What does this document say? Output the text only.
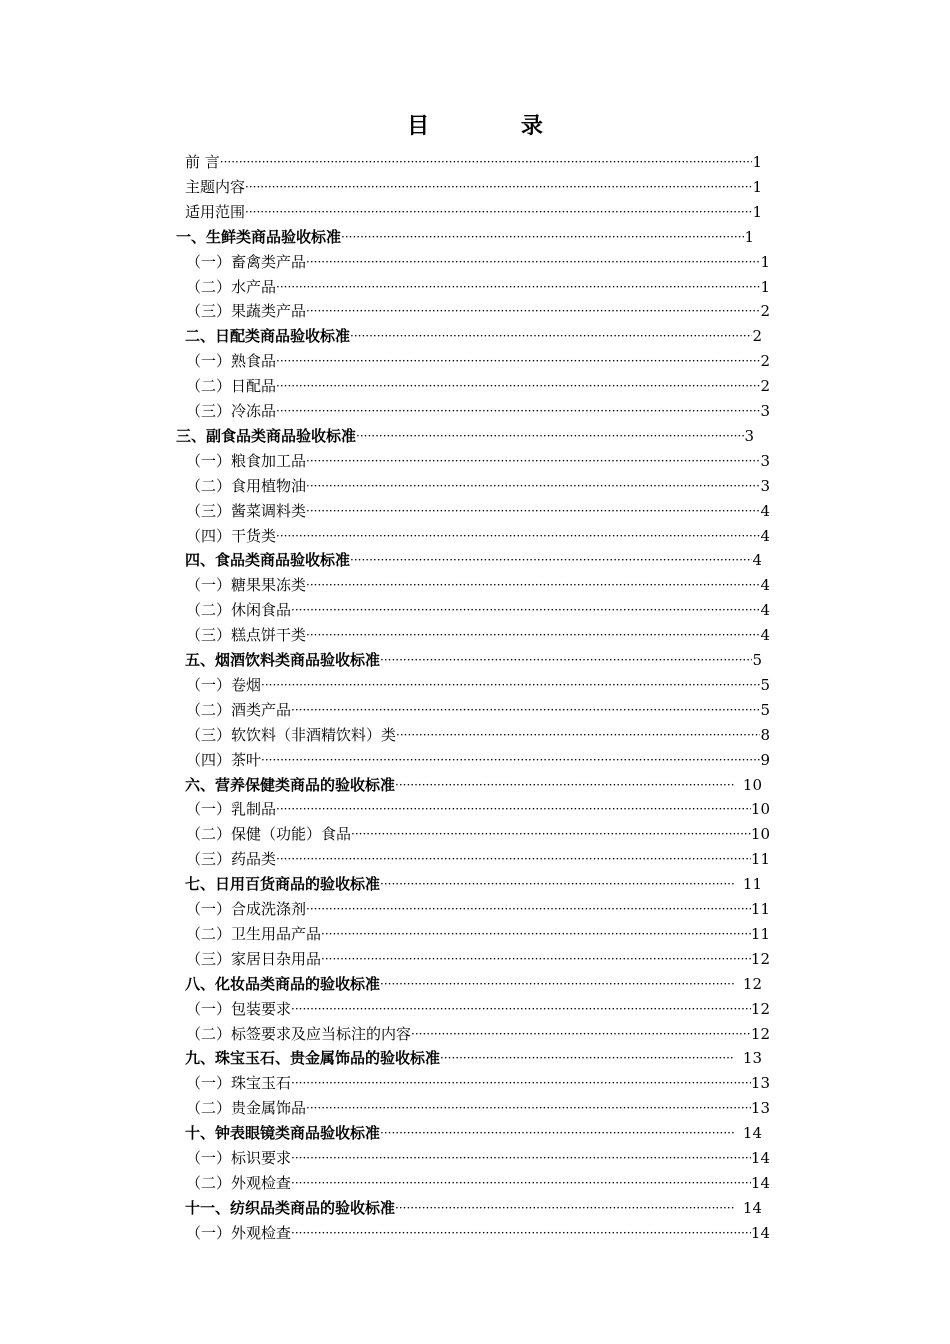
目 录
前 言 ·····	1
主题内容 ·····	1
适用范围 ·····	1
一、生鲜类商品验收标准 ·····	1
（一）畜禽类产品 ·····	1
（二）水产品 ·····	1
（三）果蔬类产品 ·····	2
二、日配类商品验收标准 ·····	2
（一）熟食品 ·····	2
（二）日配品 ·····	2
（三）冷冻品 ·····	3
三、副食品类商品验收标准 ·····	3
（一）粮食加工品 ·····	3
（二）食用植物油 ·····	3
（三）酱菜调料类 ·····	4
（四）干货类 ·····	4
四、食品类商品验收标准 ·····	4
（一）糖果果冻类 ·····	4
（二）休闲食品 ·····	4
（三）糕点饼干类 ·····	4
五、烟酒饮料类商品验收标准 ·····	5
（一）卷烟 ·····	5
（二）酒类产品 ·····	5
（三）软饮料（非酒精饮料）类 ·····	8
（四）茶叶 ·····	9
六、营养保健类商品的验收标准 ·····	10
（一）乳制品 ·····	10
（二）保健（功能）食品 ·····	10
（三）药品类 ·····	11
七、日用百货商品的验收标准 ·····	11
（一）合成洗涤剂 ·····	11
（二）卫生用品产品 ·····	11
（三）家居日杂用品 ·····	12
八、化妆品类商品的验收标准 ·····	12
（一）包装要求 ·····	12
（二）标签要求及应当标注的内容 ·····	12
九、珠宝玉石、贵金属饰品的验收标准 ·····	13
（一）珠宝玉石 ·····	13
（二）贵金属饰品 ·····	13
十、钟表眼镜类商品验收标准 ·····	14
（一）标识要求 ·····	14
（二）外观检查 ·····	14
十一、纺织品类商品的验收标准 ·····	14
（一）外观检查 ·····	14
